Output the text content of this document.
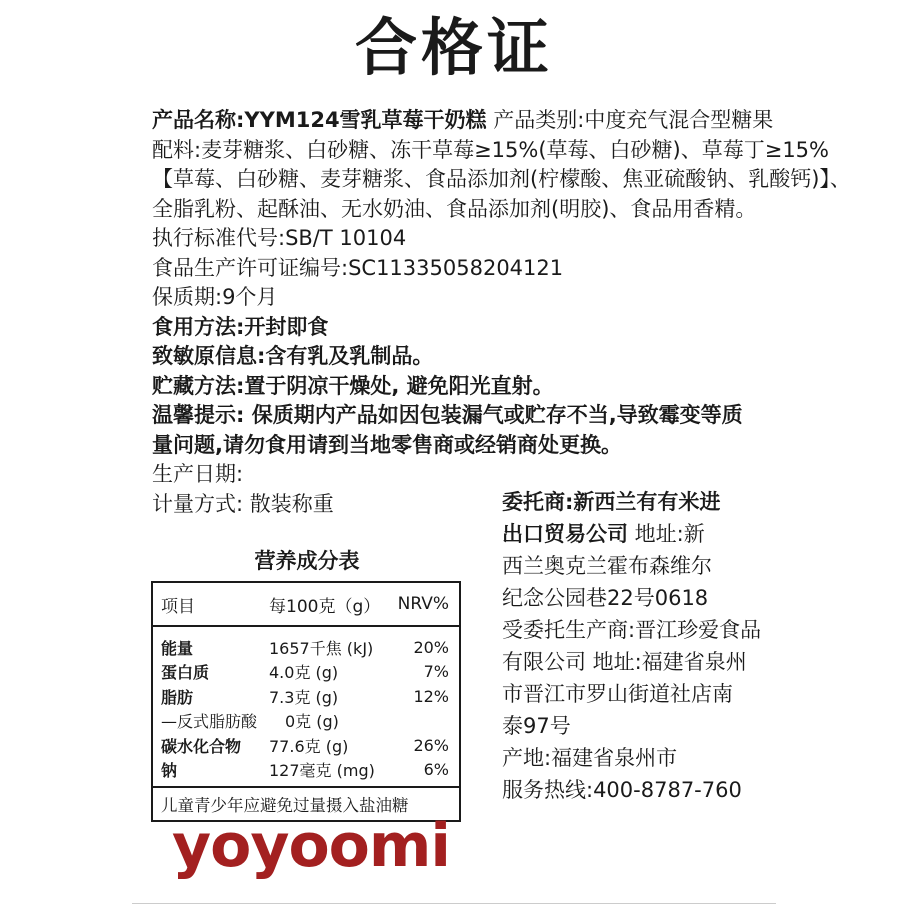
合格证
产品名称:YYM124雪乳草莓干奶糕 产品类别:中度充气混合型糖果
配料:麦芽糖浆、白砂糖、冻干草莓≥15%(草莓、白砂糖)、草莓丁≥15%
【草莓、白砂糖、麦芽糖浆、食品添加剂(柠檬酸、焦亚硫酸钠、乳酸钙)】、
全脂乳粉、起酥油、无水奶油、食品添加剂(明胶)、食品用香精。
执行标准代号:SB/T 10104
食品生产许可证编号:SC11335058204121
保质期:9个月
食用方法:开封即食
致敏原信息:含有乳及乳制品。
贮藏方法:置于阴凉干燥处, 避免阳光直射。
温馨提示: 保质期内产品如因包装漏气或贮存不当,导致霉变等质
量问题,请勿食用请到当地零售商或经销商处更换。
生产日期:
计量方式: 散装称重	委托商:新西兰有有米进
出口贸易公司 地址:新
西兰奥克兰霍布森维尔
纪念公园巷22号0618
受委托生产商:晋江珍爱食品
有限公司 地址:福建省泉州
市晋江市罗山街道社店南
泰97号
产地:福建省泉州市
服务热线:400-8787-760
营养成分表
项目	每100克（g）	NRV%
能量	1657千焦 (kJ)	20%
蛋白质	4.0克 (g)	7%
脂肪	7.3克 (g)	12%
—反式脂肪酸	0克 (g)
碳水化合物	77.6克 (g)	26%
钠	127毫克 (mg)	6%
儿童青少年应避免过量摄入盐油糖
yoyoomi
